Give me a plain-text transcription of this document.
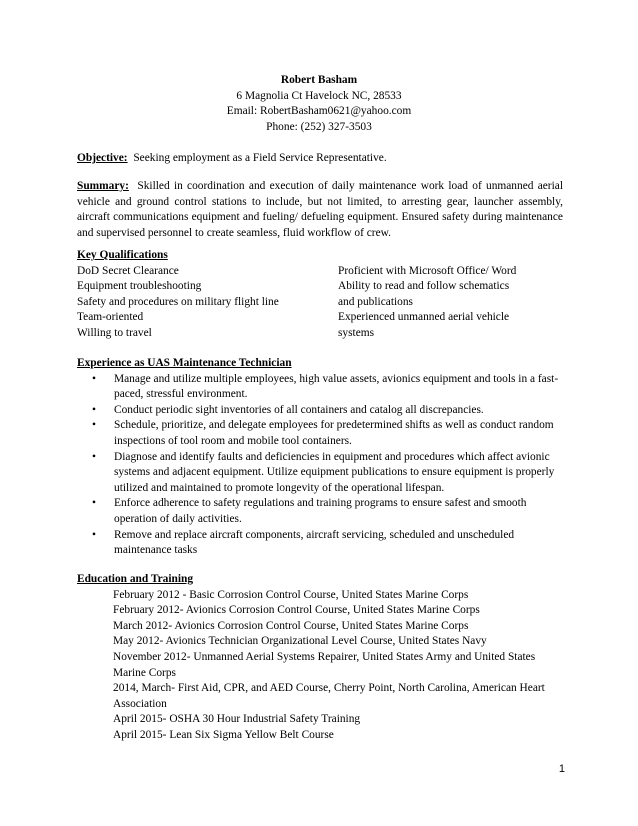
Robert Basham
6 Magnolia Ct Havelock NC, 28533
Email: RobertBasham0621@yahoo.com
Phone: (252) 327-3503
Objective: Seeking employment as a Field Service Representative.
Summary: Skilled in coordination and execution of daily maintenance work load of unmanned aerial vehicle and ground control stations to include, but not limited, to arresting gear, launcher assembly, aircraft communications equipment and fueling/ defueling equipment. Ensured safety during maintenance and supervised personnel to create seamless, fluid workflow of crew.
Key Qualifications
DoD Secret Clearance	Proficient with Microsoft Office/ Word
Equipment troubleshooting	Ability to read and follow schematics
Safety and procedures on military flight line	and publications
Team-oriented	Experienced unmanned aerial vehicle
Willing to travel	systems
Experience as UAS Maintenance Technician
• Manage and utilize multiple employees, high value assets, avionics equipment and tools in a fast-paced, stressful environment.
• Conduct periodic sight inventories of all containers and catalog all discrepancies.
• Schedule, prioritize, and delegate employees for predetermined shifts as well as conduct random inspections of tool room and mobile tool containers.
• Diagnose and identify faults and deficiencies in equipment and procedures which affect avionic systems and adjacent equipment. Utilize equipment publications to ensure equipment is properly utilized and maintained to promote longevity of the operational lifespan.
• Enforce adherence to safety regulations and training programs to ensure safest and smooth operation of daily activities.
• Remove and replace aircraft components, aircraft servicing, scheduled and unscheduled maintenance tasks
Education and Training
February 2012 - Basic Corrosion Control Course, United States Marine Corps
February 2012- Avionics Corrosion Control Course, United States Marine Corps
March 2012- Avionics Corrosion Control Course, United States Marine Corps
May 2012- Avionics Technician Organizational Level Course, United States Navy
November 2012- Unmanned Aerial Systems Repairer, United States Army and United States Marine Corps
2014, March- First Aid, CPR, and AED Course, Cherry Point, North Carolina, American Heart Association
April 2015- OSHA 30 Hour Industrial Safety Training
April 2015- Lean Six Sigma Yellow Belt Course
1
